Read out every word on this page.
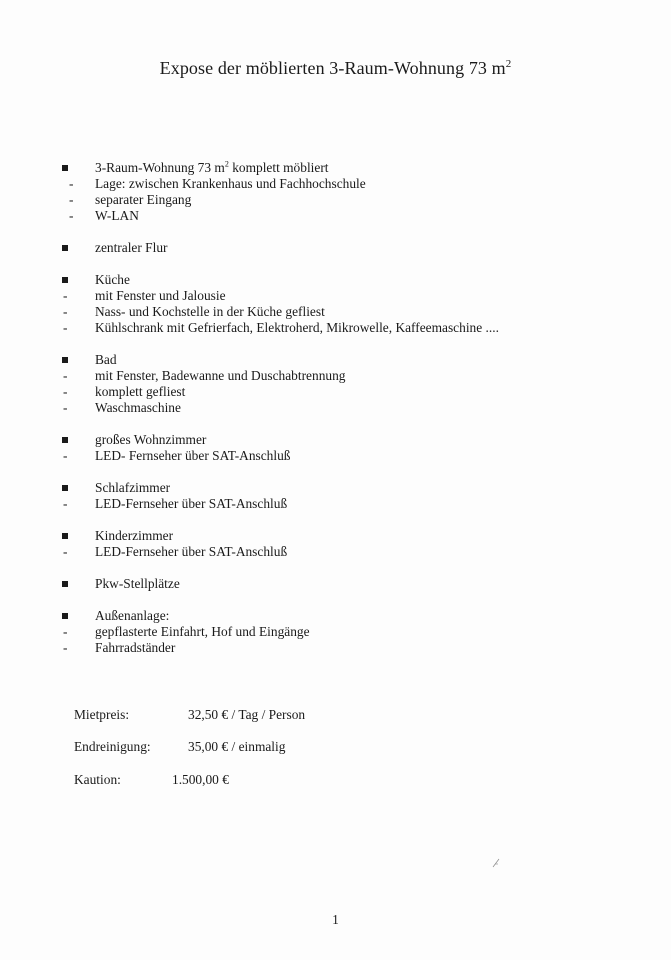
Expose der möblierten 3-Raum-Wohnung 73 $m^2$
3-Raum-Wohnung 73 $m^2$ komplett möbliert
- Lage: zwischen Krankenhaus und Fachhochschule
- separater Eingang
- W-LAN
zentraler Flur
Küche
- mit Fenster und Jalousie
- Nass- und Kochstelle in der Küche gefliest
- Kühlschrank mit Gefrierfach, Elektroherd, Mikrowelle, Kaffeemaschine ....
Bad
- mit Fenster, Badewanne und Duschabtrennung
- komplett gefliest
- Waschmaschine
großes Wohnzimmer
- LED- Fernseher über SAT-Anschluß
Schlafzimmer
- LED-Fernseher über SAT-Anschluß
Kinderzimmer
- LED-Fernseher über SAT-Anschluß
Pkw-Stellplätze
Außenanlage:
- gepflasterte Einfahrt, Hof und Eingänge
- Fahrradständer
Mietpreis:	32,50 € / Tag / Person
Endreinigung:	35,00 € / einmalig
Kaution:	1.500,00 €
1
